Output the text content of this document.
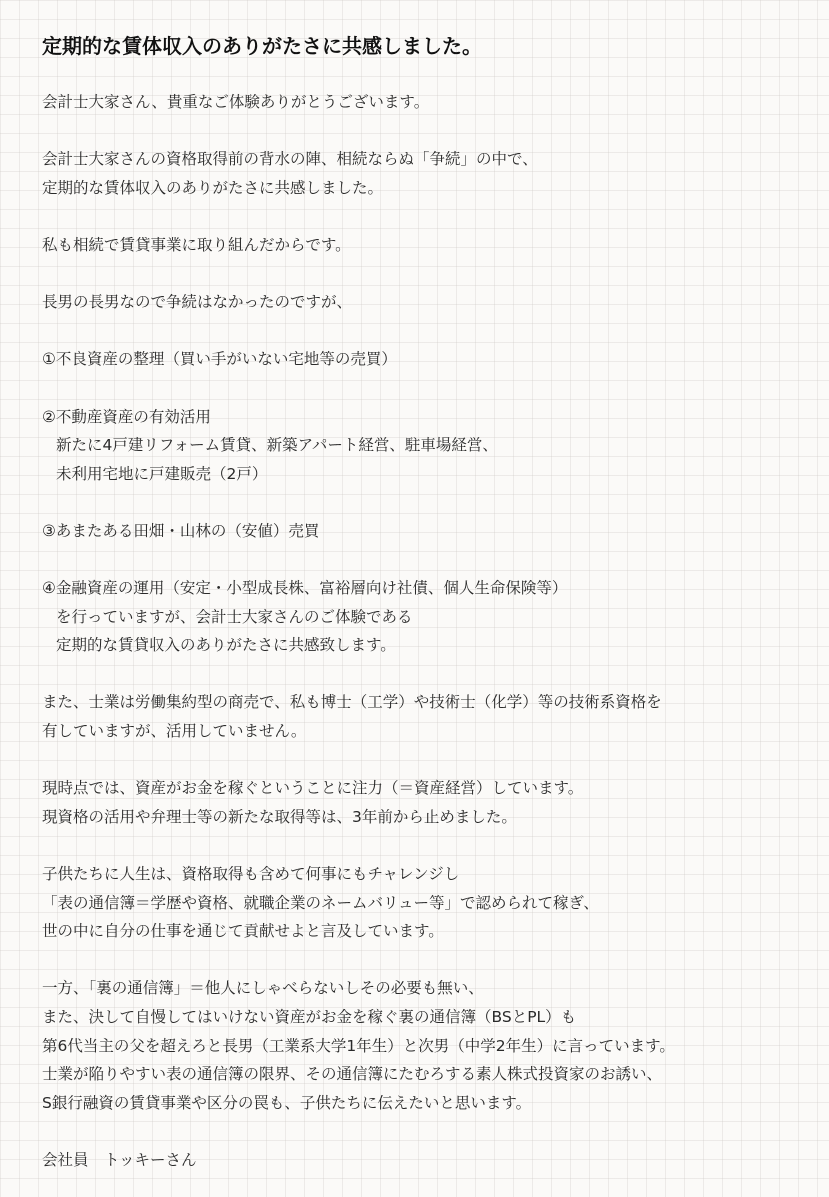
定期的な賃体収入のありがたさに共感しました。
会計士大家さん、貴重なご体験ありがとうございます。
会計士大家さんの資格取得前の背水の陣、相続ならぬ「争続」の中で、
定期的な賃体収入のありがたさに共感しました。
私も相続で賃貸事業に取り組んだからです。
長男の長男なので争続はなかったのですが、
①不良資産の整理（買い手がいない宅地等の売買）
②不動産資産の有効活用
新たに4戸建リフォーム賃貸、新築アパート経営、駐車場経営、
未利用宅地に戸建販売（2戸）
③あまたある田畑・山林の（安値）売買
④金融資産の運用（安定・小型成長株、富裕層向け社債、個人生命保険等）
を行っていますが、会計士大家さんのご体験である
定期的な賃貸収入のありがたさに共感致します。
また、士業は労働集約型の商売で、私も博士（工学）や技術士（化学）等の技術系資格を
有していますが、活用していません。
現時点では、資産がお金を稼ぐということに注力（＝資産経営）しています。
現資格の活用や弁理士等の新たな取得等は、3年前から止めました。
子供たちに人生は、資格取得も含めて何事にもチャレンジし
「表の通信簿＝学歴や資格、就職企業のネームバリュー等」で認められて稼ぎ、
世の中に自分の仕事を通じて貢献せよと言及しています。
一方、「裏の通信簿」＝他人にしゃべらないしその必要も無い、
また、決して自慢してはいけない資産がお金を稼ぐ裏の通信簿（BSとPL）も
第6代当主の父を超えろと長男（工業系大学1年生）と次男（中学2年生）に言っています。
士業が陥りやすい表の通信簿の限界、その通信簿にたむろする素人株式投資家のお誘い、
S銀行融資の賃貸事業や区分の罠も、子供たちに伝えたいと思います。
会社員　トッキーさん
